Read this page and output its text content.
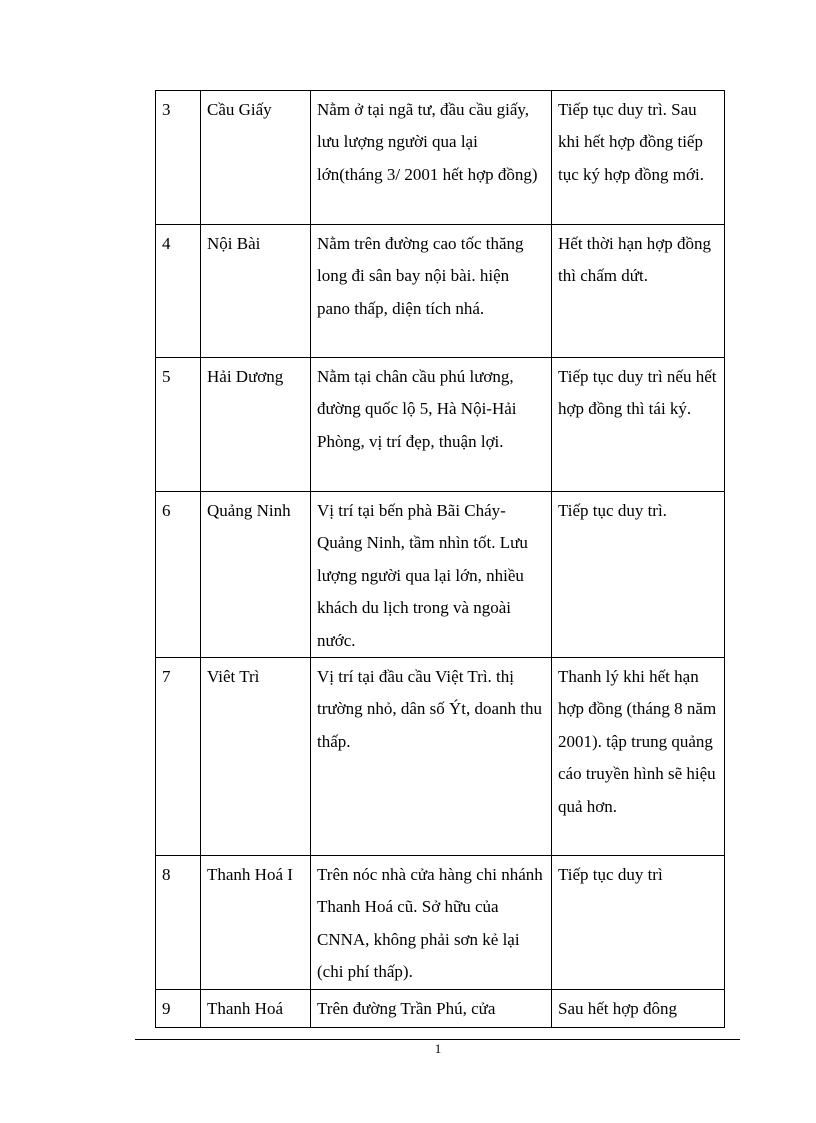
3	Cầu Giấy	Nằm ở tại ngã tư, đầu cầu giấy, lưu lượng người qua lại lớn(tháng 3/ 2001 hết hợp đồng)	Tiếp tục duy trì. Sau khi hết hợp đồng tiếp tục ký hợp đồng mới.
4	Nội Bài	Nằm trên đường cao tốc thăng long đi sân bay nội bài. hiện pano thấp, diện tích nhá.	Hết thời hạn hợp đồng thì chấm dứt.
5	Hải Dương	Nằm tại chân cầu phú lương, đường quốc lộ 5, Hà Nội-Hải Phòng, vị trí đẹp, thuận lợi.	Tiếp tục duy trì nếu hết hợp đồng thì tái ký.
6	Quảng Ninh	Vị trí tại bến phà Bãi Cháy-Quảng Ninh, tầm nhìn tốt. Lưu lượng người qua lại lớn, nhiều khách du lịch trong và ngoài nước.	Tiếp tục duy trì.
7	Viêt Trì	Vị trí tại đầu cầu Việt Trì. thị trường nhỏ, dân số Ýt, doanh thu thấp.	Thanh lý khi hết hạn hợp đồng (tháng 8 năm 2001). tập trung quảng cáo truyền hình sẽ hiệu quả hơn.
8	Thanh Hoá I	Trên nóc nhà cửa hàng chi nhánh Thanh Hoá cũ. Sở hữu của CNNA, không phải sơn kẻ lại (chi phí thấp).	Tiếp tục duy trì
9	Thanh Hoá	Trên đường Trần Phú, cửa	Sau hết hợp đông
1
